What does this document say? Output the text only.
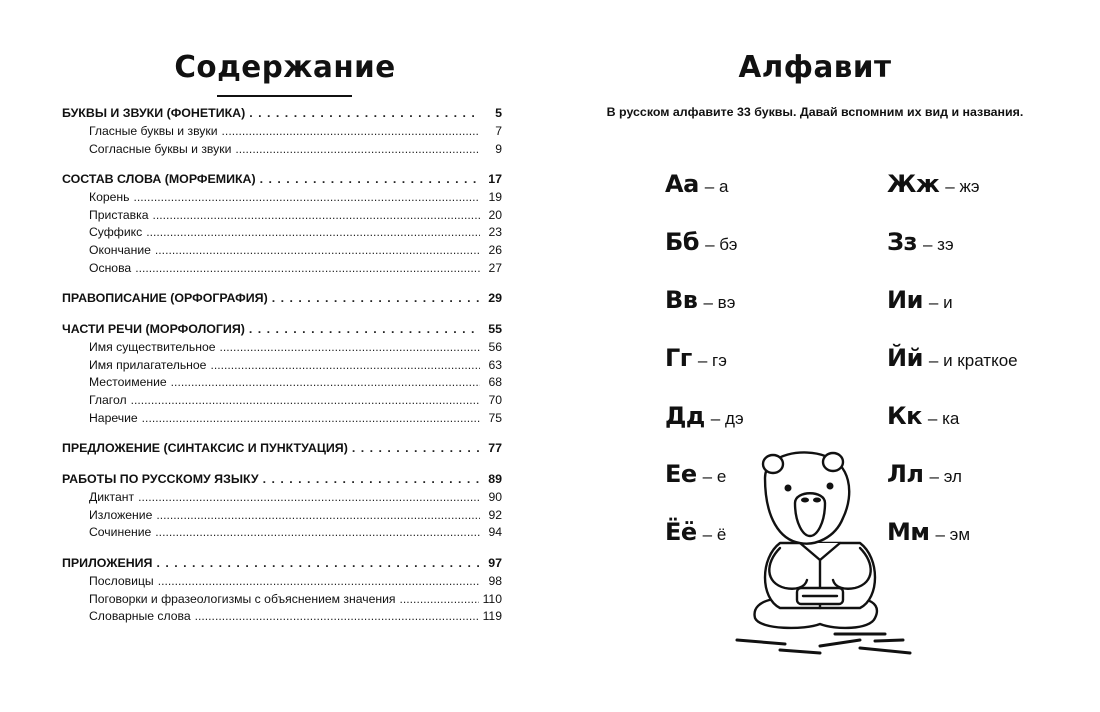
Содержание
БУКВЫ И ЗВУКИ (ФОНЕТИКА) . . .	5
Гласные буквы и звуки .....	7
Согласные буквы и звуки .....	9
СОСТАВ СЛОВА (МОРФЕМИКА) . . .	17
Корень .....	19
Приставка .....	20
Суффикс .....	23
Окончание .....	26
Основа .....	27
ПРАВОПИСАНИЕ (ОРФОГРАФИЯ) . . .	29
ЧАСТИ РЕЧИ (МОРФОЛОГИЯ) . . .	55
Имя существительное .....	56
Имя прилагательное .....	63
Местоимение .....	68
Глагол .....	70
Наречие .....	75
ПРЕДЛОЖЕНИЕ (СИНТАКСИС И ПУНКТУАЦИЯ) . . .	77
РАБОТЫ ПО РУССКОМУ ЯЗЫКУ . . .	89
Диктант .....	90
Изложение .....	92
Сочинение .....	94
ПРИЛОЖЕНИЯ . . .	97
Пословицы .....	98
Поговорки и фразеологизмы с объяснением значения .....	110
Словарные слова .....	119
Алфавит
В русском алфавите 33 буквы. Давай вспомним их вид и названия.
Аа – а
Бб – бэ
Вв – вэ
Гг – гэ
Дд – дэ
Ее – е
Ёё – ё
Жж – жэ
Зз – зэ
Ии – и
Йй – и краткое
Кк – ка
Лл – эл
Мм – эм
